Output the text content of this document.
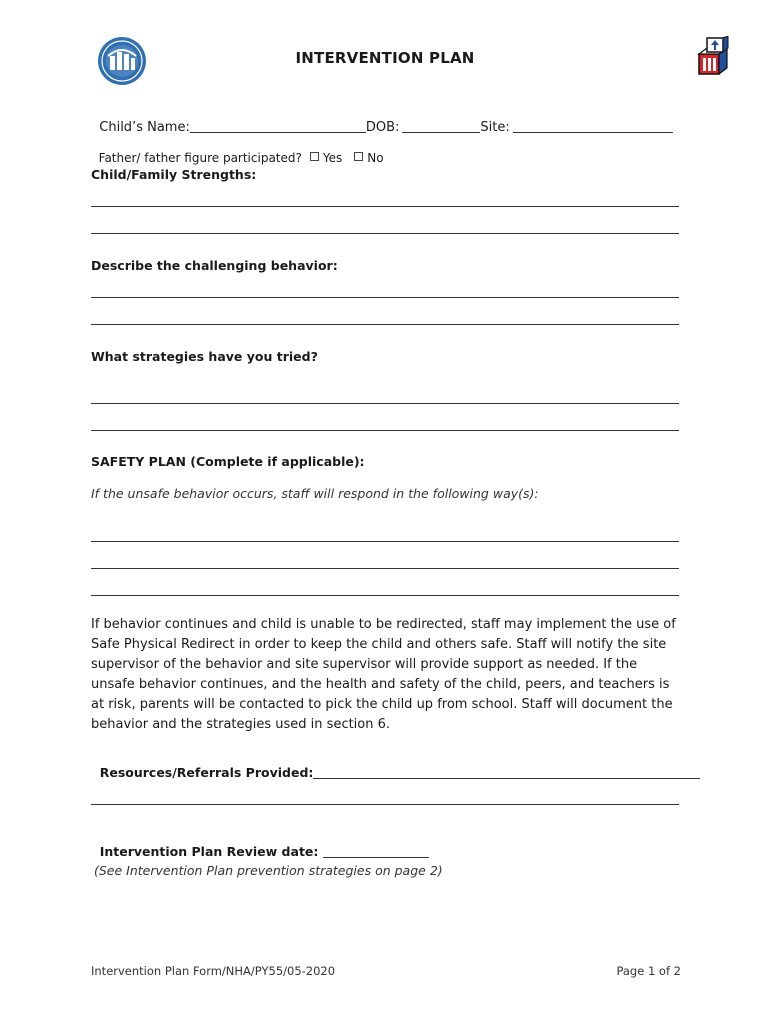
INTERVENTION PLAN

Child’s Name:	DOB:	Site:

Father/ father figure participated? Yes No

Child/Family Strengths:
Describe the challenging behavior:
What strategies have you tried?
SAFETY PLAN (Complete if applicable):
If the unsafe behavior occurs, staff will respond in the following way(s):
If behavior continues and child is unable to be redirected, staff may implement the use of Safe Physical Redirect in order to keep the child and others safe. Staff will notify the site supervisor of the behavior and site supervisor will provide support as needed. If the unsafe behavior continues, and the health and safety of the child, peers, and teachers is at risk, parents will be contacted to pick the child up from school. Staff will document the behavior and the strategies used in section 6.

Resources/Referrals Provided:

Intervention Plan Review date:

(See Intervention Plan prevention strategies on page 2)
Intervention Plan Form/NHA/PY55/05-2020	Page 1 of 2
